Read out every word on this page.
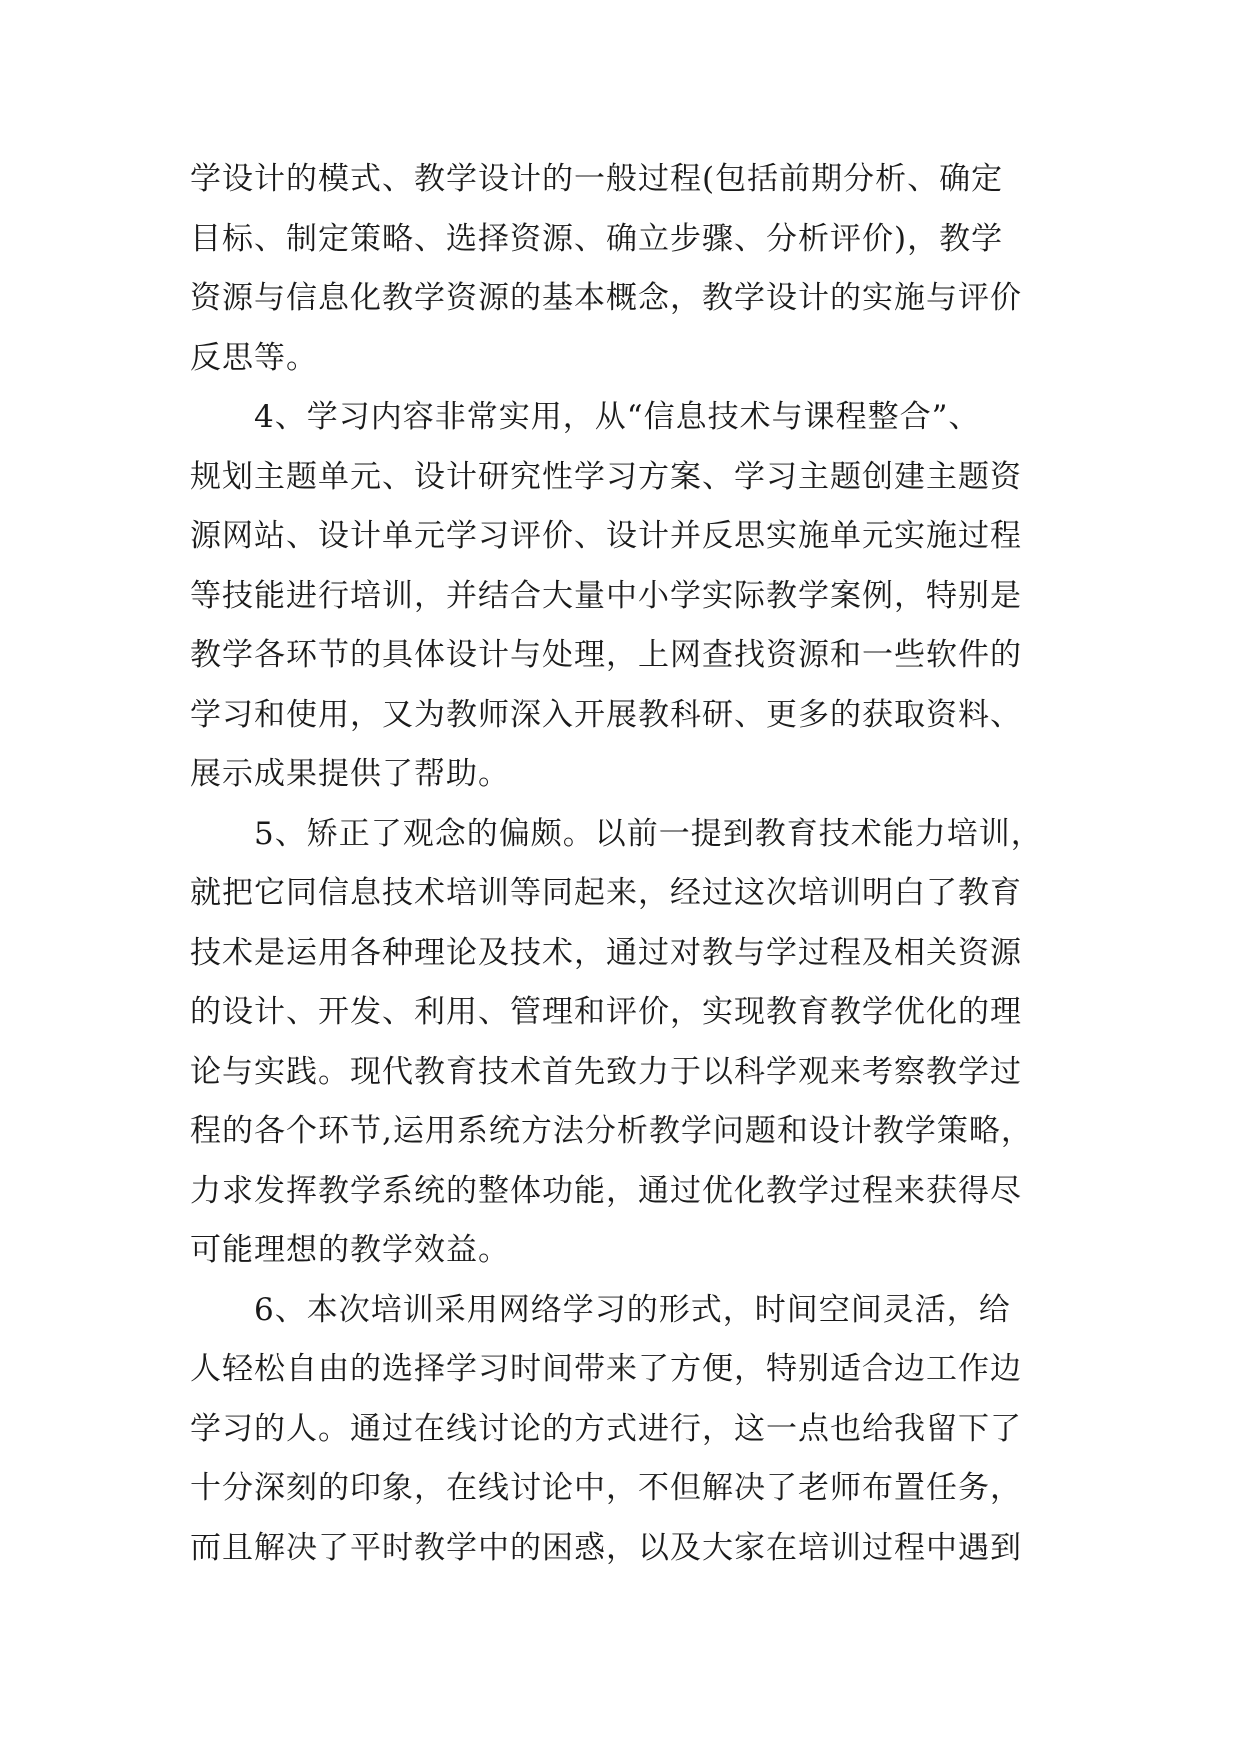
学设计的模式、教学设计的一般过程(包括前期分析、确定
目标、制定策略、选择资源、确立步骤、分析评价)，教学
资源与信息化教学资源的基本概念，教学设计的实施与评价
反思等。
　　4、学习内容非常实用，从“信息技术与课程整合”、
规划主题单元、设计研究性学习方案、学习主题创建主题资
源网站、设计单元学习评价、设计并反思实施单元实施过程
等技能进行培训，并结合大量中小学实际教学案例，特别是
教学各环节的具体设计与处理，上网查找资源和一些软件的
学习和使用，又为教师深入开展教科研、更多的获取资料、
展示成果提供了帮助。
　　5、矫正了观念的偏颇。以前一提到教育技术能力培训，
就把它同信息技术培训等同起来，经过这次培训明白了教育
技术是运用各种理论及技术，通过对教与学过程及相关资源
的设计、开发、利用、管理和评价，实现教育教学优化的理
论与实践。现代教育技术首先致力于以科学观来考察教学过
程的各个环节,运用系统方法分析教学问题和设计教学策略，
力求发挥教学系统的整体功能，通过优化教学过程来获得尽
可能理想的教学效益。
　　6、本次培训采用网络学习的形式，时间空间灵活，给
人轻松自由的选择学习时间带来了方便，特别适合边工作边
学习的人。通过在线讨论的方式进行，这一点也给我留下了
十分深刻的印象，在线讨论中，不但解决了老师布置任务，
而且解决了平时教学中的困惑，以及大家在培训过程中遇到
